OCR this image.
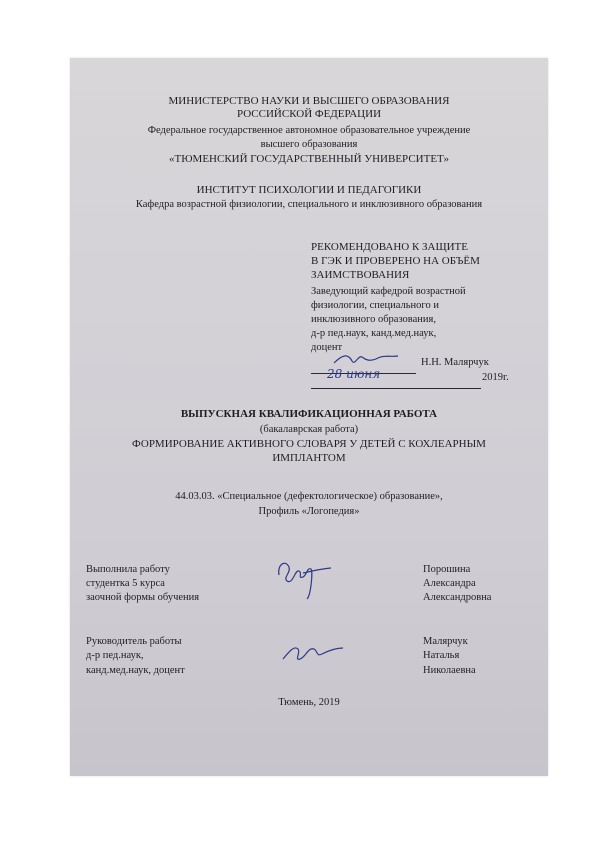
МИНИСТЕРСТВО НАУКИ И ВЫСШЕГО ОБРАЗОВАНИЯ
РОССИЙСКОЙ ФЕДЕРАЦИИ
Федеральное государственное автономное образовательное учреждение
высшего образования
«ТЮМЕНСКИЙ ГОСУДАРСТВЕННЫЙ УНИВЕРСИТЕТ»
ИНСТИТУТ ПСИХОЛОГИИ И ПЕДАГОГИКИ
Кафедра возрастной физиологии, специального и инклюзивного образования
РЕКОМЕНДОВАНО К ЗАЩИТЕ
В ГЭК И ПРОВЕРЕНО НА ОБЪЁМ
ЗАИМСТВОВАНИЯ
Заведующий кафедрой возрастной
физиологии, специального и
инклюзивного образования,
д-р пед.наук, канд.мед.наук,
доцент
Н.Н. Малярчук
28 июня	2019г.
ВЫПУСКНАЯ КВАЛИФИКАЦИОННАЯ РАБОТА
(бакалаврская работа)
ФОРМИРОВАНИЕ АКТИВНОГО СЛОВАРЯ У ДЕТЕЙ С КОХЛЕАРНЫМ
ИМПЛАНТОМ
44.03.03. «Специальное (дефектологическое) образование»,
Профиль «Логопедия»
Выполнила работу
студентка 5 курса
заочной формы обучения
Порошина
Александра
Александровна
Руководитель работы
д-р пед.наук,
канд.мед.наук, доцент
Малярчук
Наталья
Николаевна
Тюмень, 2019
